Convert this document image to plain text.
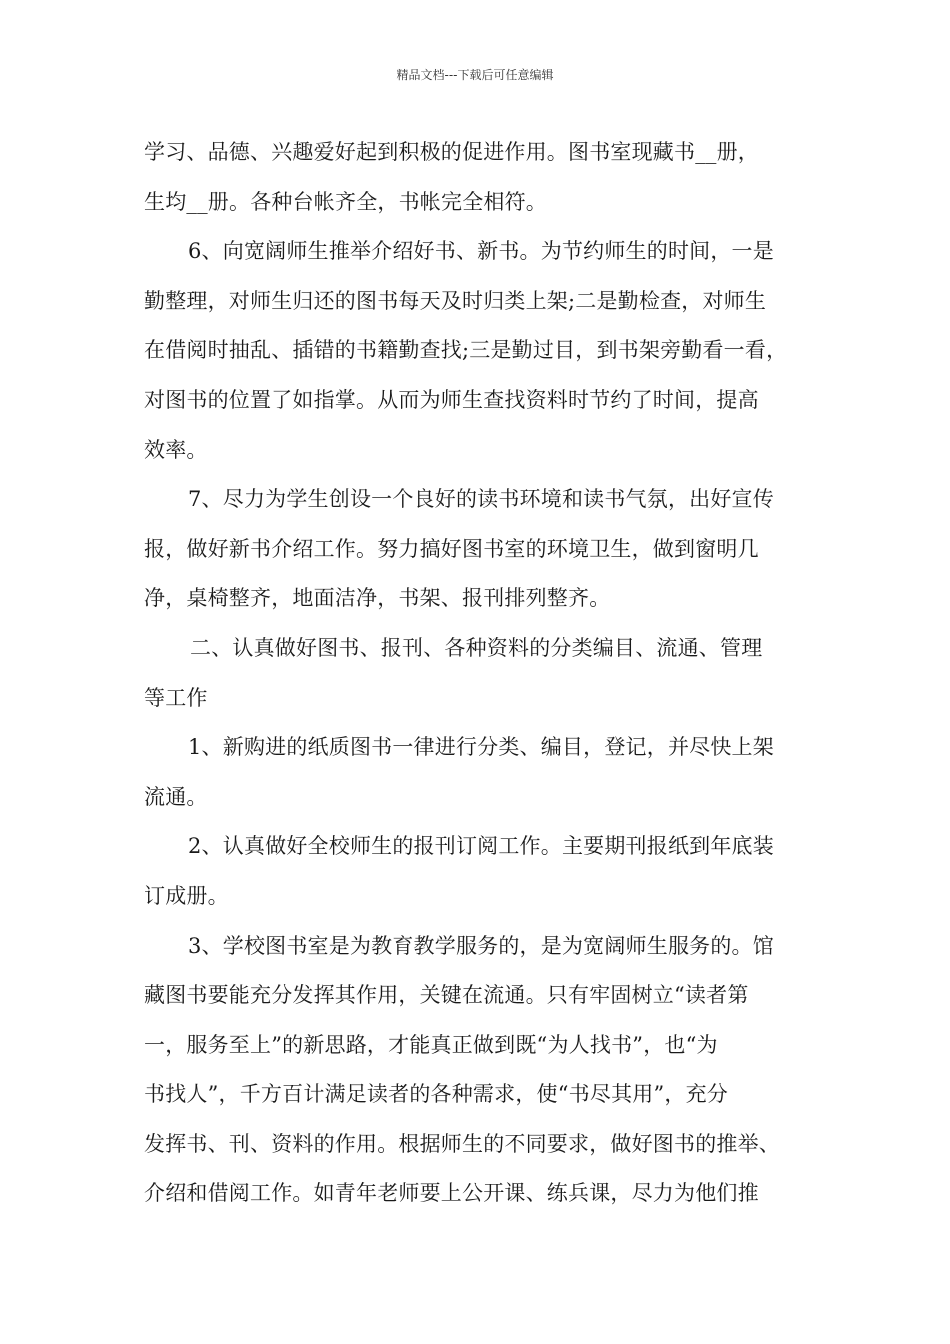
精品文档---下载后可任意编辑
学习、品德、兴趣爱好起到积极的促进作用。图书室现藏书__册，
生均__册。各种台帐齐全，书帐完全相符。
6、向宽阔师生推举介绍好书、新书。为节约师生的时间，一是
勤整理，对师生归还的图书每天及时归类上架;二是勤检查，对师生
在借阅时抽乱、插错的书籍勤查找;三是勤过目，到书架旁勤看一看，
对图书的位置了如指掌。从而为师生查找资料时节约了时间，提高
效率。
7、尽力为学生创设一个良好的读书环境和读书气氛，出好宣传
报，做好新书介绍工作。努力搞好图书室的环境卫生，做到窗明几
净，桌椅整齐，地面洁净，书架、报刊排列整齐。
二、认真做好图书、报刊、各种资料的分类编目、流通、管理
等工作
1、新购进的纸质图书一律进行分类、编目，登记，并尽快上架
流通。
2、认真做好全校师生的报刊订阅工作。主要期刊报纸到年底装
订成册。
3、学校图书室是为教育教学服务的，是为宽阔师生服务的。馆
藏图书要能充分发挥其作用，关键在流通。只有牢固树立“读者第
一，服务至上”的新思路，才能真正做到既“为人找书”，也“为
书找人”，千方百计满足读者的各种需求，使“书尽其用”，充分
发挥书、刊、资料的作用。根据师生的不同要求，做好图书的推举、
介绍和借阅工作。如青年老师要上公开课、练兵课，尽力为他们推
